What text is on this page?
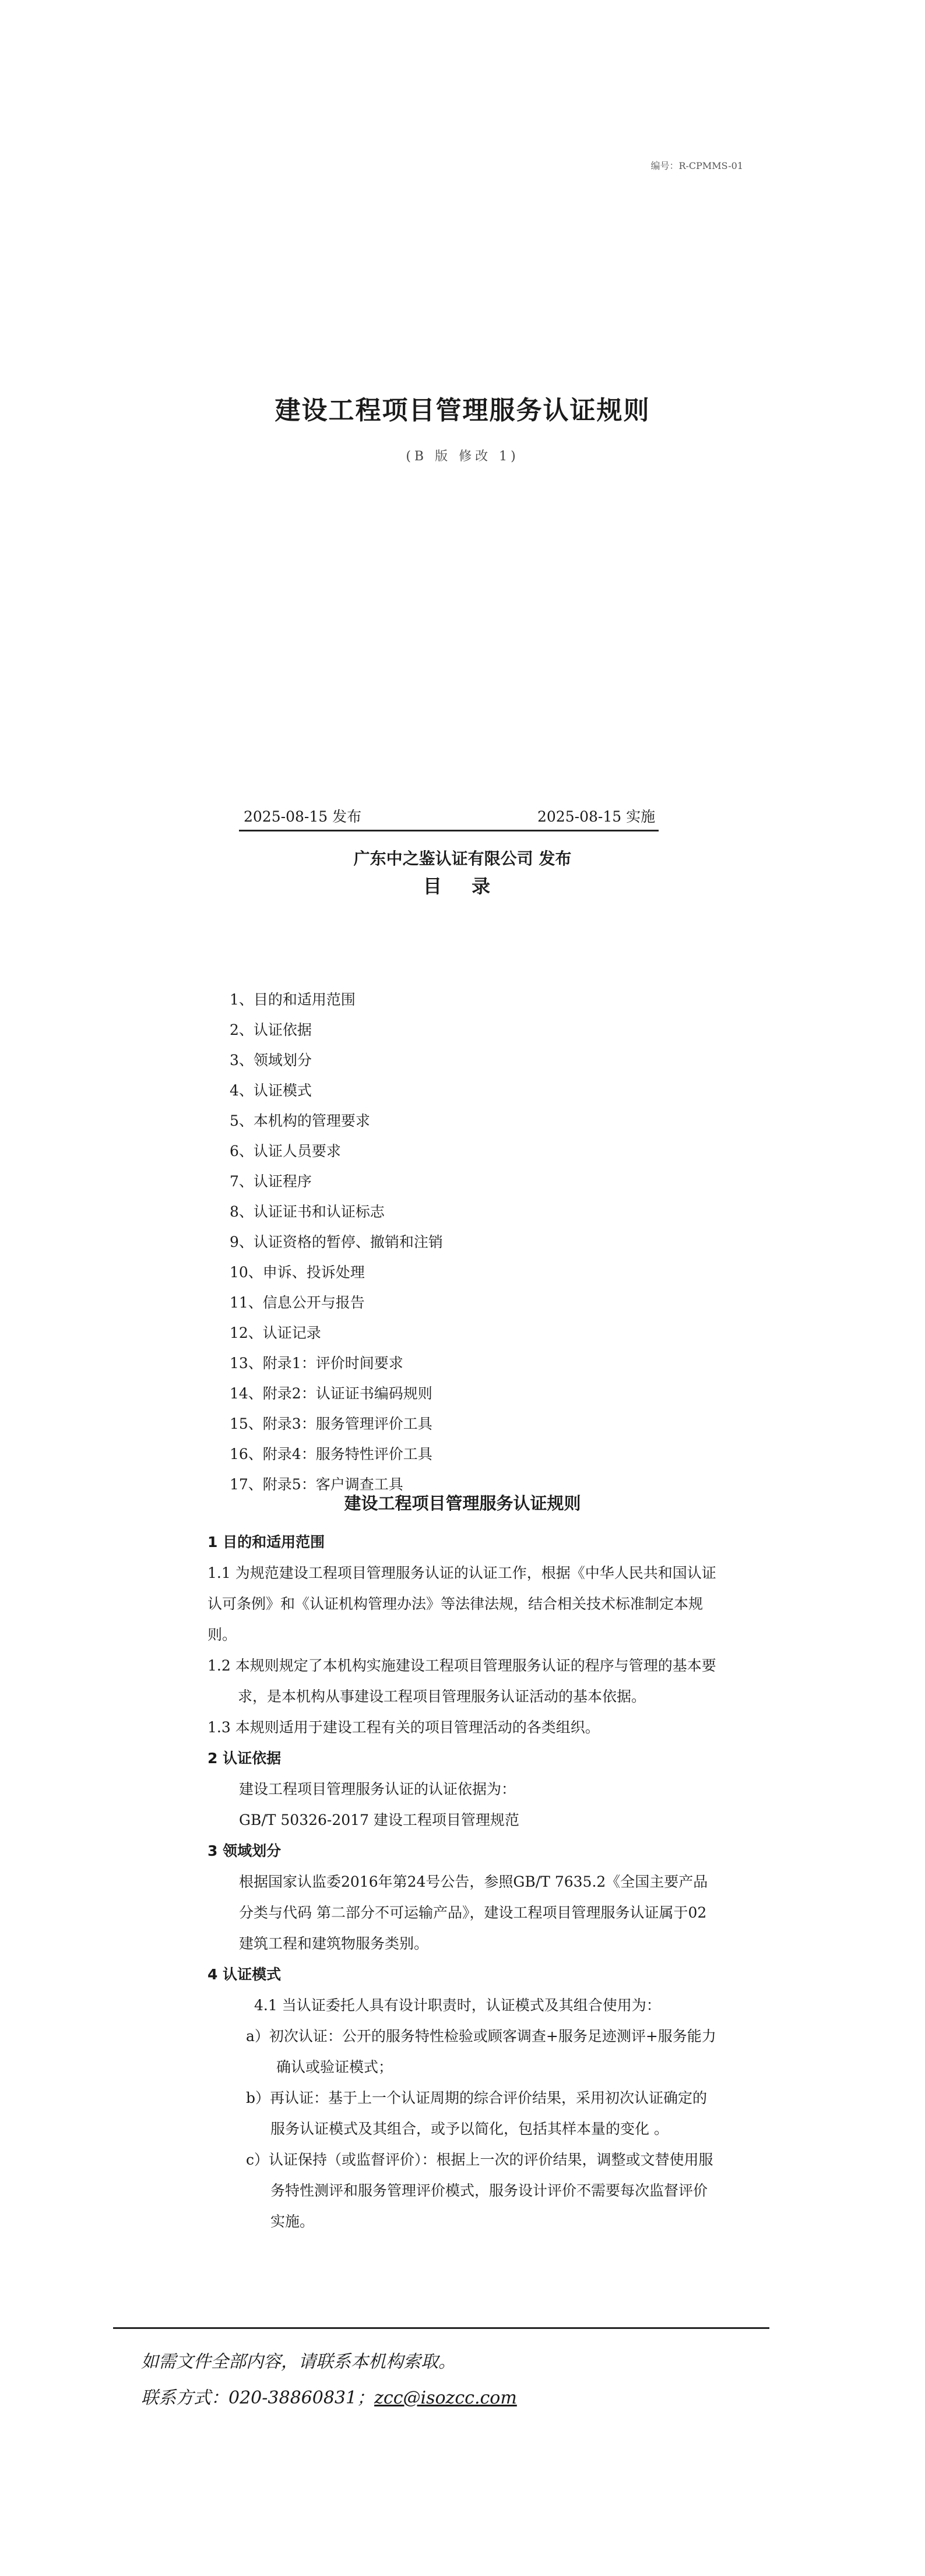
编号：R-CPMMS-01
建设工程项目管理服务认证规则
(B 版 修改 1)
2025-08-15 发布	2025-08-15 实施
广东中之鉴认证有限公司 发布
目 录
1、目的和适用范围
2、认证依据
3、领域划分
4、认证模式
5、本机构的管理要求
6、认证人员要求
7、认证程序
8、认证证书和认证标志
9、认证资格的暂停、撤销和注销
10、申诉、投诉处理
11、信息公开与报告
12、认证记录
13、附录1：评价时间要求
14、附录2：认证证书编码规则
15、附录3：服务管理评价工具
16、附录4：服务特性评价工具
17、附录5：客户调查工具
建设工程项目管理服务认证规则

1 目的和适用范围

1.1 为规范建设工程项目管理服务认证的认证工作，根据《中华人民共和国认证认可条例》和《认证机构管理办法》等法律法规，结合相关技术标准制定本规则。

1.2 本规则规定了本机构实施建设工程项目管理服务认证的程序与管理的基本要求，是本机构从事建设工程项目管理服务认证活动的基本依据。

1.3 本规则适用于建设工程有关的项目管理活动的各类组织。

2 认证依据

建设工程项目管理服务认证的认证依据为：

GB/T 50326-2017 建设工程项目管理规范

3 领域划分

根据国家认监委2016年第24号公告，参照GB/T 7635.2《全国主要产品分类与代码 第二部分不可运输产品》，建设工程项目管理服务认证属于02建筑工程和建筑物服务类别。

4 认证模式

4.1 当认证委托人具有设计职责时，认证模式及其组合使用为：

a）初次认证：公开的服务特性检验或顾客调查+服务足迹测评+服务能力确认或验证模式；

b）再认证：基于上一个认证周期的综合评价结果，采用初次认证确定的服务认证模式及其组合，或予以简化，包括其样本量的变化 。

c）认证保持（或监督评价）：根据上一次的评价结果，调整或文替使用服务特性测评和服务管理评价模式，服务设计评价不需要每次监督评价实施。

如需文件全部内容，请联系本机构索取。
联系方式：020-38860831；zcc@isozcc.com
